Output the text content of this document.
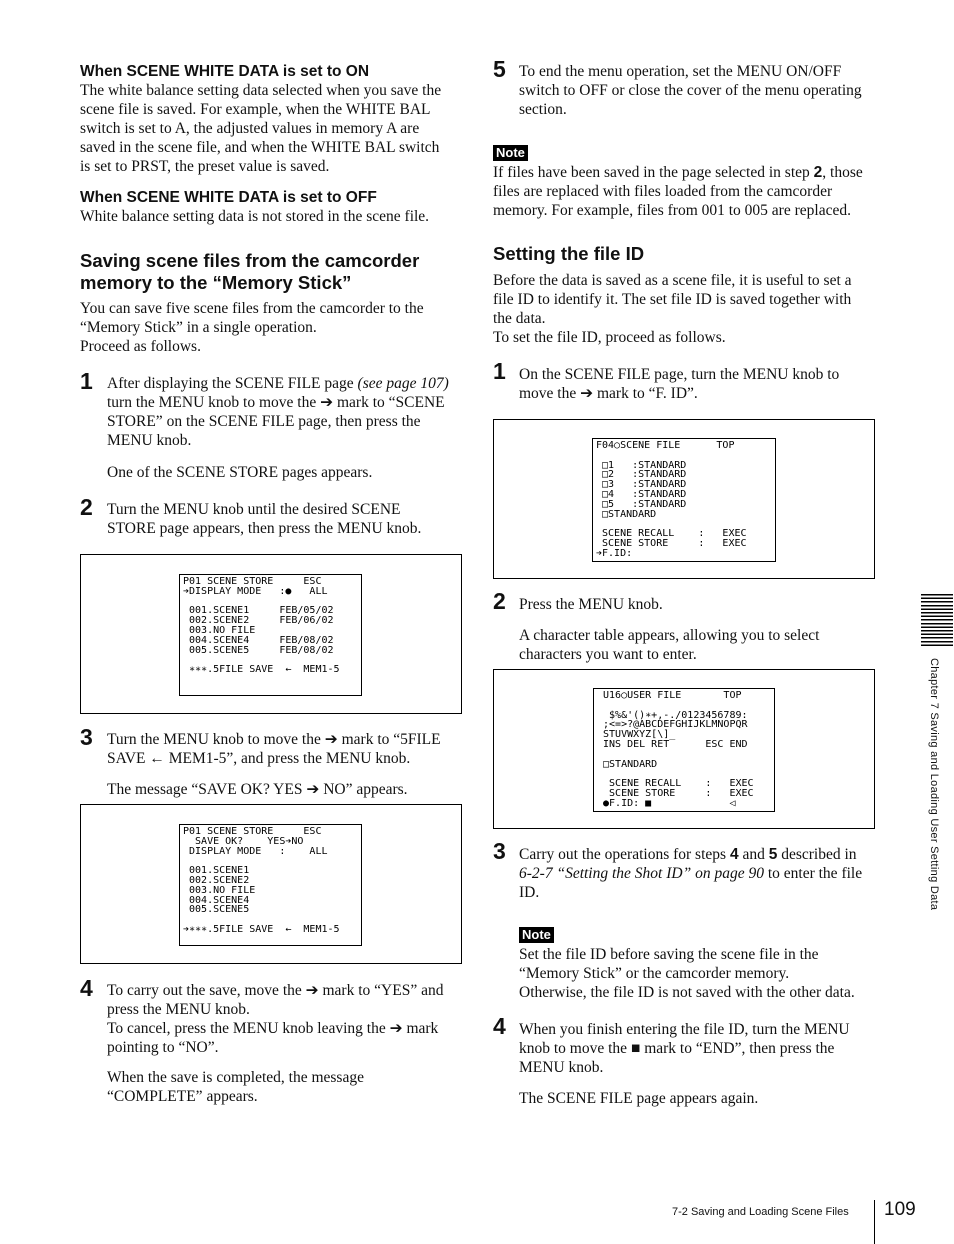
When SCENE WHITE DATA is set to ON
The white balance setting data selected when you save the
scene file is saved. For example, when the WHITE BAL
switch is set to A, the adjusted values in memory A are
saved in the scene file, and when the WHITE BAL switch
is set to PRST, the preset value is saved.
When SCENE WHITE DATA is set to OFF
White balance setting data is not stored in the scene file.
Saving scene files from the camcorder
memory to the “Memory Stick”
You can save five scene files from the camcorder to the
“Memory Stick” in a single operation.
Proceed as follows.
1 After displaying the SCENE FILE page (see page 107)
turn the MENU knob to move the ➔ mark to “SCENE
STORE” on the SCENE FILE page, then press the
MENU knob.
One of the SCENE STORE pages appears.
2 Turn the MENU knob until the desired SCENE
STORE page appears, then press the MENU knob.
P01 SCENE STORE     ESC
➔DISPLAY MODE   :●   ALL

001.SCENE1     FEB/05/02
002.SCENE2     FEB/06/02
003.NO FILE
004.SCENE4     FEB/08/02
005.SCENE5     FEB/08/02

∗∗∗.5FILE SAVE  ←  MEM1-5
3 Turn the MENU knob to move the ➔ mark to “5FILE
SAVE ← MEM1-5”, and press the MENU knob.
The message “SAVE OK? YES ➔ NO” appears.
P01 SCENE STORE     ESC
SAVE OK?    YES➔NO
DISPLAY MODE   :    ALL

001.SCENE1
002.SCENE2
003.NO FILE
004.SCENE4
005.SCENE5

➔∗∗∗.5FILE SAVE  ←  MEM1-5
4 To carry out the save, move the ➔ mark to “YES” and
press the MENU knob.
To cancel, press the MENU knob leaving the ➔ mark
pointing to “NO”.
When the save is completed, the message
“COMPLETE” appears.
5 To end the menu operation, set the MENU ON/OFF
switch to OFF or close the cover of the menu operating
section.
Note
If files have been saved in the page selected in step 2, those
files are replaced with files loaded from the camcorder
memory. For example, files from 001 to 005 are replaced.
Setting the file ID
Before the data is saved as a scene file, it is useful to set a
file ID to identify it. The set file ID is saved together with
the data.
To set the file ID, proceed as follows.
1 On the SCENE FILE page, turn the MENU knob to
move the ➔ mark to “F. ID”.
F04○SCENE FILE      TOP

□1   :STANDARD
□2   :STANDARD
□3   :STANDARD
□4   :STANDARD
□5   :STANDARD
□STANDARD

SCENE RECALL    :   EXEC
SCENE STORE     :   EXEC
➔F.ID:
2 Press the MENU knob.
A character table appears, allowing you to select
characters you want to enter.
U16○USER FILE       TOP

$%&'()∗+,-./0123456789:
;<=>?@ABCDEFGHIJKLMNOPQR
STUVWXYZ[\]_
INS DEL RET      ESC END

□STANDARD

SCENE RECALL    :   EXEC
SCENE STORE     :   EXEC
●F.ID: ■             ◁
3 Carry out the operations for steps 4 and 5 described in
6-2-7 “Setting the Shot ID” on page 90 to enter the file
ID.
Note
Set the file ID before saving the scene file in the
“Memory Stick” or the camcorder memory.
Otherwise, the file ID is not saved with the other data.
4 When you finish entering the file ID, turn the MENU
knob to move the ■ mark to “END”, then press the
MENU knob.
The SCENE FILE page appears again.
Chapter 7 Saving and Loading User Setting Data
7-2 Saving and Loading Scene Files 109
